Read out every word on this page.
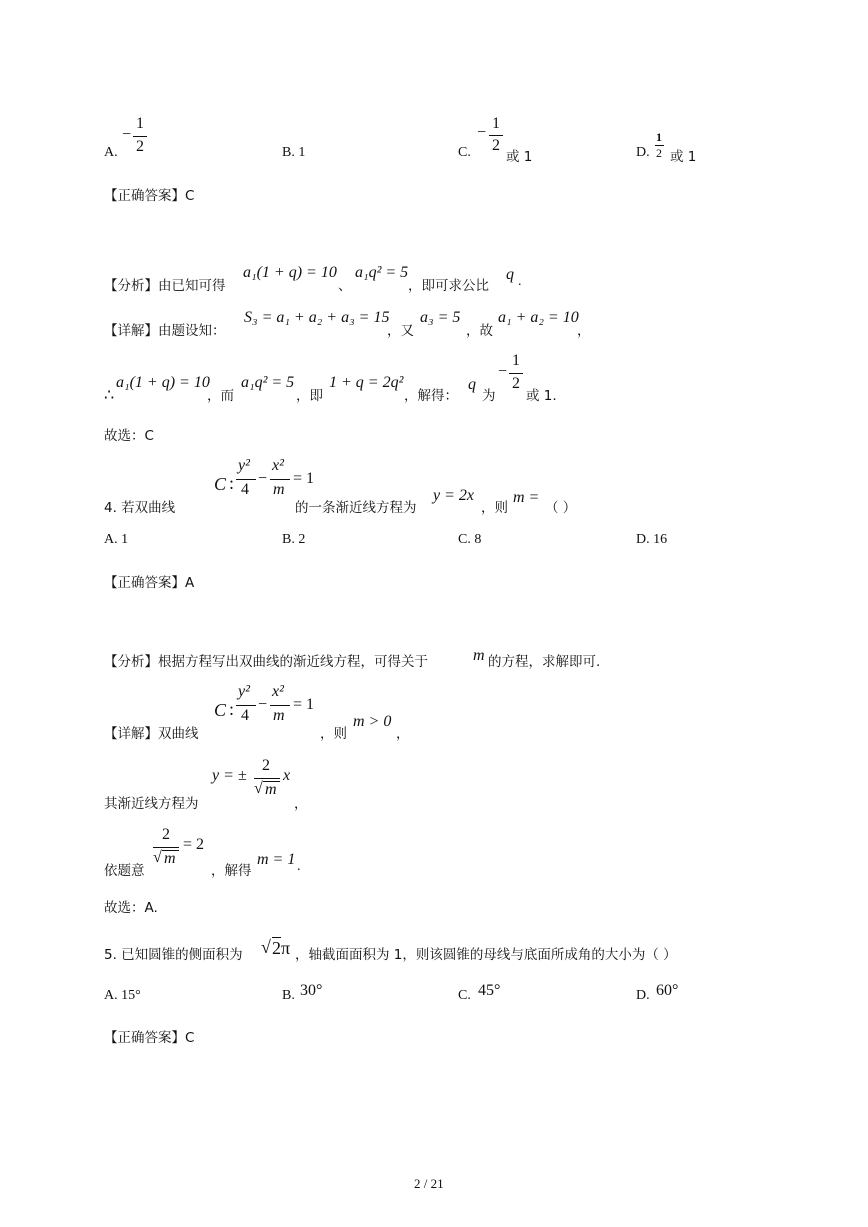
A.
−
1
2	B. 1	C.
−
1
2
或 1	D.
1
2 或 1
【正确答案】C
【分析】由已知可得
a₁(1 + q) = 10
、
a₁q² = 5
，即可求公比
q .
【详解】由题设知：
S₃ = a₁ + a₂ + a₃ = 15
，又
a₃ = 5
，故
a₁ + a₂ = 10
，
∴
a₁(1 + q) = 10
，而
a₁q² = 5
，即
1 + q = 2q²
，解得：
q
为
−
1
2
或 1.
故选：C
4. 若双曲线
C :
y²
4
−
x²
m
= 1
的一条渐近线方程为
y = 2x
，则
m =
（ ）
A. 1	B. 2	C. 8	D. 16
【正确答案】A
【分析】根据方程写出双曲线的渐近线方程，可得关于	m 的方程，求解即可.
【详解】双曲线
C :
y²
4
−
x²
m
= 1
，则
m > 0
，
其渐近线方程为
y = ±
2
√ m
x
，
依题意
2
√ m
= 2
，解得
m = 1 .
故选：A.
5. 已知圆锥的侧面积为 √ 2π ，轴截面面积为 1，则该圆锥的母线与底面所成角的大小为（ ）
A. 15°	B. 30°	C. 45°	D. 60°
【正确答案】C
2 / 21
